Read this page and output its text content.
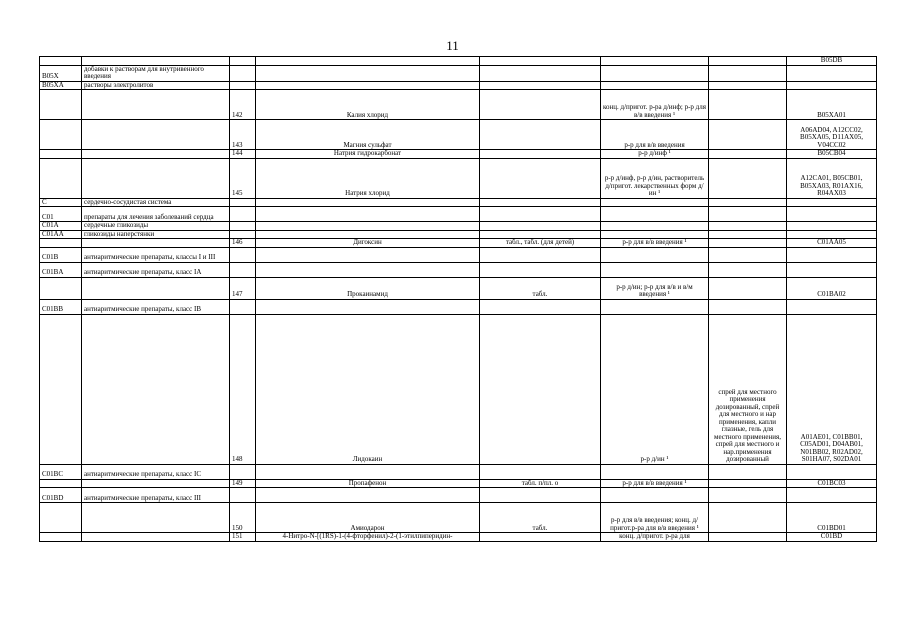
11
							B05DB
B05X	добавки к растворам для внутривенного введения						
B05XA	растворы электролитов						
		142	Калия хлорид		конц. д/пригот. р-ра д/инф; р-р для в/в введения ¹		B05XA01
		143	Магния сульфат		р-р для в/в введения		A06AD04, A12CC02, B05XA05, D11AX05, V04CC02
		144	Натрия гидрокарбонат		р-р д/инф ¹		B05CB04
		145	Натрия хлорид		р-р д/инф, р-р д/ин, растворитель д/пригот. лекарственных форм д/ин ¹		A12CA01, B05CB01, B05XA03, R01AX16, R04AX03
C	сердечно-сосудистая система						
C01	препараты для лечения заболеваний сердца						
C01A	сердечные гликозиды						
C01AA	гликозиды наперстянки						
		146	Дигоксин	табл., табл. (для детей)	р-р для в/в введения ¹		C01AA05
C01B	антиаритмические препараты, классы I и III						
C01BA	антиаритмические препараты, класс IA						
		147	Прокаинамид	табл.	р-р д/ин; р-р для в/в и в/м введения ¹		C01BA02
C01BB	антиаритмические препараты, класс IB						
		148	Лидокаин		р-р д/ин ¹	спрей для местного применения дозированный, спрей для местного и нар применения, капли глазные, гель для местного применения, спрей для местного и нар.применения дозированный	A01AE01, C01BB01, C05AD01, D04AB01, N01BB02, R02AD02, S01HA07, S02DA01
C01BC	антиаритмические препараты, класс IC						
		149	Пропафенон	табл. п/пл. о	р-р для в/в введения ¹		C01BC03
C01BD	антиаритмические препараты, класс III						
		150	Амиодарон	табл.	р-р для в/в введения; конц. д/пригот.р-ра для в/в введения ¹		C01BD01
		151	4-Нитро-N-[(1RS)-1-(4-фторфенил)-2-(1-этилпиперидин-		конц. д/пригот. р-ра для		C01BD
